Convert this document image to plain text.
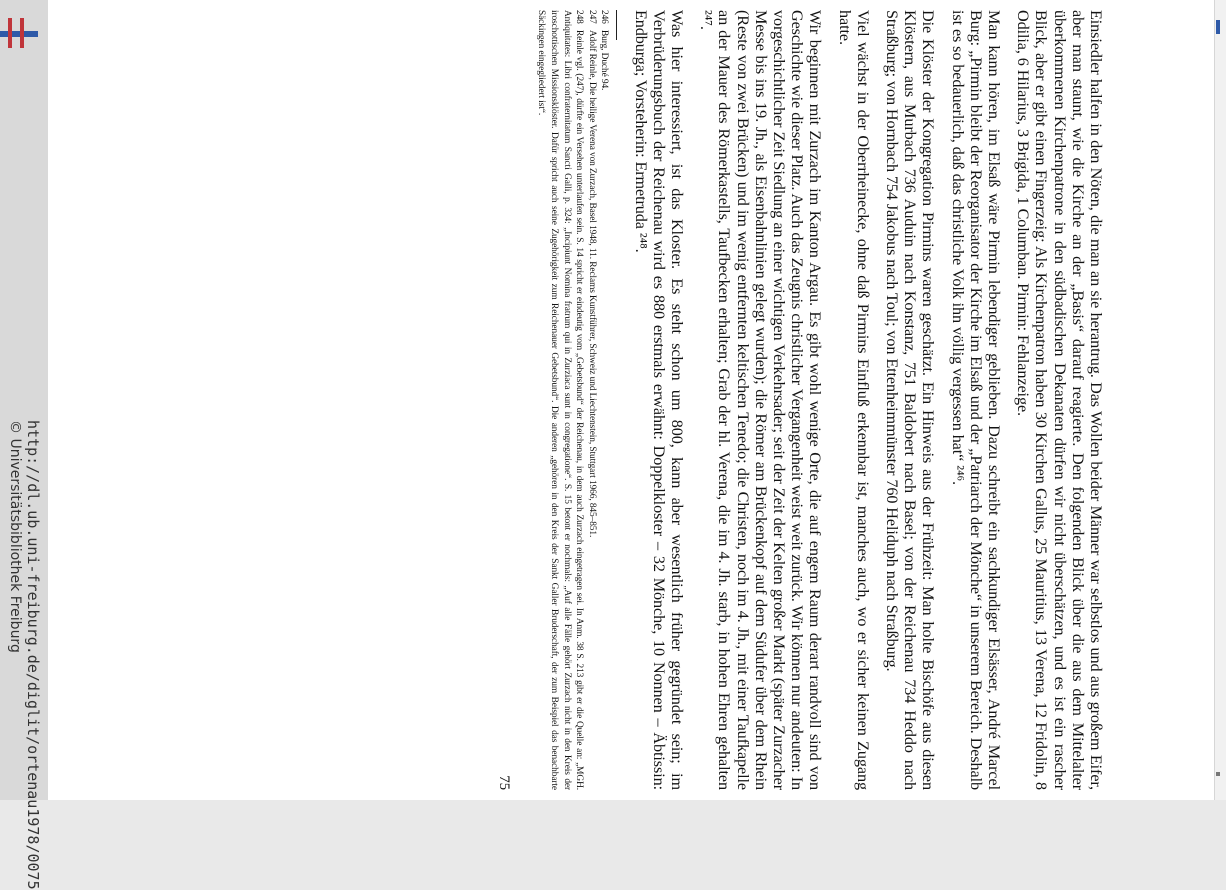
http://dl.ub.uni-freiburg.de/diglit/ortenau1978/0075
© Universitätsbibliothek Freiburg	Einsiedler halfen in den Nöten, die man an sie herantrug. Das Wollen beider Männer war selbstlos und aus großem Eifer, aber man staunt, wie die Kirche an der „Basis“ darauf reagierte. Den folgenden Blick über die aus dem Mittelalter überkommenen Kirchenpatrone in den südbadischen Dekanaten dürfen wir nicht überschätzen, und es ist ein rascher Blick, aber er gibt einen Fingerzeig: Als Kirchenpatron haben 30 Kirchen Gallus, 25 Mauritius, 13 Verena, 12 Fridolin, 8 Odilia, 6 Hilarius, 3 Brigida, 1 Columban. Pirmin: Fehlanzeige.

Man kann hören, im Elsaß wäre Pirmin lebendiger geblieben. Dazu schreibt ein sachkundiger Elsässer, André Marcel Burg: „Pirmin bleibt der Reorganisator der Kirche im Elsaß und der „Patriarch der Mönche“ in unserem Bereich. Deshalb ist es so bedauerlich, daß das christliche Volk ihn völlig vergessen hat“ ²⁴⁶.

Die Klöster der Kongregation Pirmins waren geschätzt. Ein Hinweis aus der Frühzeit: Man holte Bischöfe aus diesen Klöstern, aus Murbach 736 Auduin nach Konstanz, 751 Baldobert nach Basel; von der Reichenau 734 Heddo nach Straßburg; von Hornbach 754 Jakobus nach Toul; von Ettenheimmünster 760 Heliduph nach Straßburg.

Viel wächst in der Oberrheinecke, ohne daß Pirmins Einfluß erkennbar ist, manches auch, wo er sicher keinen Zugang hatte.

Wir beginnen mit Zurzach im Kanton Argau. Es gibt wohl wenige Orte, die auf engem Raum derart randvoll sind von Geschichte wie dieser Platz. Auch das Zeugnis christlicher Vergangenheit weist weit zurück. Wir können nur andeuten: In vorgeschichtlicher Zeit Siedlung an einer wichtigen Verkehrsader; seit der Zeit der Kelten großer Markt (später Zurzacher Messe bis ins 19. Jh., als Eisenbahnlinien gelegt wurden); die Römer am Brückenkopf auf dem Südufer über dem Rhein (Reste von zwei Brücken) und im wenig entfernten keltischen Tenedo; die Christen, noch im 4. Jh., mit einer Taufkapelle an der Mauer des Römerkastells, Taufbecken erhalten; Grab der hl. Verena, die im 4. Jh. starb, in hohen Ehren gehalten ²⁴⁷.

Was hier interessiert, ist das Kloster. Es steht schon um 800, kann aber wesentlich früher gegründet sein; im Verbrüderungsbuch der Reichenau wird es 880 erstmals erwähnt: Doppelkloster – 32 Mönche, 10 Nonnen – Äbtissin: Endburga; Vorsteherin: Ermetruda ²⁴⁸.

246Burg, Duché 94.
247Adolf Reinle, Die heilige Verena von Zurzach, Basel 1948, 11. Reclams Kunstführer, Schweiz und Liechtenstein, Stuttgart 1966, 845–851.
248Reinle vgl. (247), dürfte ein Versehen unterlaufen sein. S. 14 spricht er eindeutig vom „Gebetsbund“ der Reichenau, in dem auch Zurzach eingetragen sei. In Anm. 38 S. 213 gibt er die Quelle an: „MGH. Antiquitates: Libri confraternitatum Sancti Galli, p. 324: „Incipiunt Nomina fratrum qui in Zurziaca sunt in congregatione“. S. 15 betont er nochmals: „Auf alle Fälle gehört Zurzach nicht in den Kreis der iroschottischen Missionsklöster. Dafür spricht auch seine Zugehörigkeit zum Reichenauer Gebetsbund“. Die anderen „gehören in den Kreis der Sankt Galler Bruderschaft, der zum Beispiel das benachbarte Säckingen eingegliedert ist“.
75
